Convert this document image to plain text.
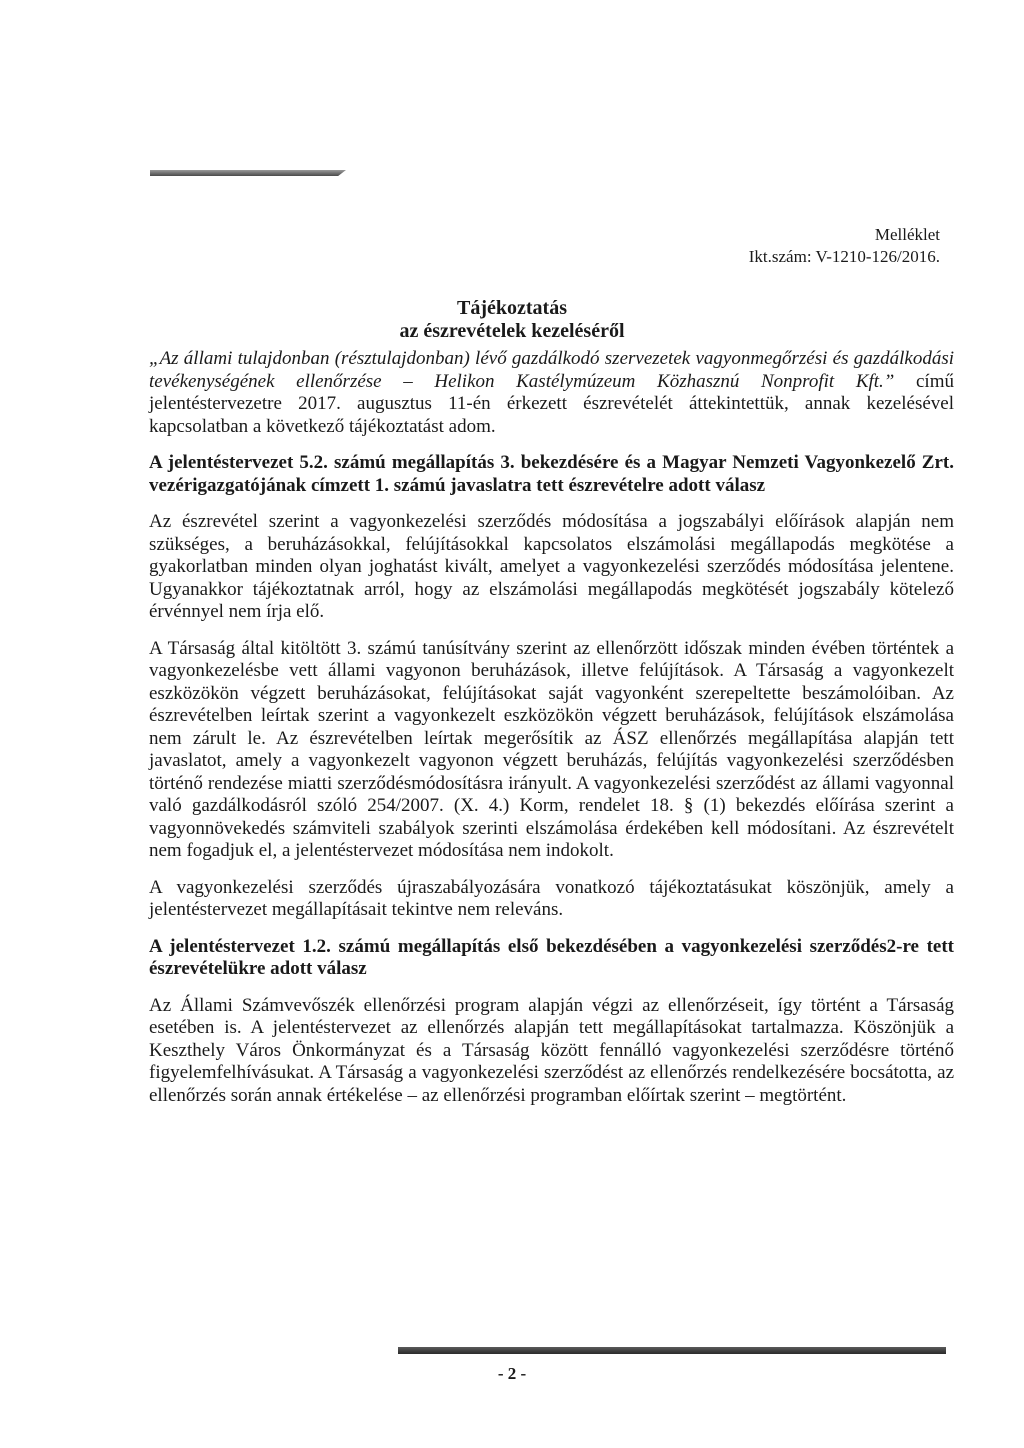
Melléklet
Ikt.szám: V-1210-126/2016.
Tájékoztatás
az észrevételek kezeléséről

„Az állami tulajdonban (résztulajdonban) lévő gazdálkodó szervezetek vagyonmegőrzési és gazdálkodási tevékenységének ellenőrzése – Helikon Kastélymúzeum Közhasznú Nonprofit Kft.” című jelentéstervezetre 2017. augusztus 11-én érkezett észrevételét áttekintettük, annak kezelésével kapcsolatban a következő tájékoztatást adom.

A jelentéstervezet 5.2. számú megállapítás 3. bekezdésére és a Magyar Nemzeti Vagyonkezelő Zrt. vezérigazgatójának címzett 1. számú javaslatra tett észrevételre adott válasz

Az észrevétel szerint a vagyonkezelési szerződés módosítása a jogszabályi előírások alapján nem szükséges, a beruházásokkal, felújításokkal kapcsolatos elszámolási megállapodás megkötése a gyakorlatban minden olyan joghatást kivált, amelyet a vagyonkezelési szerződés módosítása jelentene. Ugyanakkor tájékoztatnak arról, hogy az elszámolási megállapodás megkötését jogszabály kötelező érvénnyel nem írja elő.

A Társaság által kitöltött 3. számú tanúsítvány szerint az ellenőrzött időszak minden évében történtek a vagyonkezelésbe vett állami vagyonon beruházások, illetve felújítások. A Társaság a vagyonkezelt eszközökön végzett beruházásokat, felújításokat saját vagyonként szerepeltette beszámolóiban. Az észrevételben leírtak szerint a vagyonkezelt eszközökön végzett beruházások, felújítások elszámolása nem zárult le. Az észrevételben leírtak megerősítik az ÁSZ ellenőrzés megállapítása alapján tett javaslatot, amely a vagyonkezelt vagyonon végzett beruházás, felújítás vagyonkezelési szerződésben történő rendezése miatti szerződésmódosításra irányult. A vagyonkezelési szerződést az állami vagyonnal való gazdálkodásról szóló 254/2007. (X. 4.) Korm, rendelet 18. § (1) bekezdés előírása szerint a vagyonnövekedés számviteli szabályok szerinti elszámolása érdekében kell módosítani. Az észrevételt nem fogadjuk el, a jelentéstervezet módosítása nem indokolt.

A vagyonkezelési szerződés újraszabályozására vonatkozó tájékoztatásukat köszönjük, amely a jelentéstervezet megállapításait tekintve nem releváns.

A jelentéstervezet 1.2. számú megállapítás első bekezdésében a vagyonkezelési szerződés2-re tett észrevételükre adott válasz

Az Állami Számvevőszék ellenőrzési program alapján végzi az ellenőrzéseit, így történt a Társaság esetében is. A jelentéstervezet az ellenőrzés alapján tett megállapításokat tartalmazza. Köszönjük a Keszthely Város Önkormányzat és a Társaság között fennálló vagyonkezelési szerződésre történő figyelemfelhívásukat. A Társaság a vagyonkezelési szerződést az ellenőrzés rendelkezésére bocsátotta, az ellenőrzés során annak értékelése – az ellenőrzési programban előírtak szerint – megtörtént.

- 2 -
